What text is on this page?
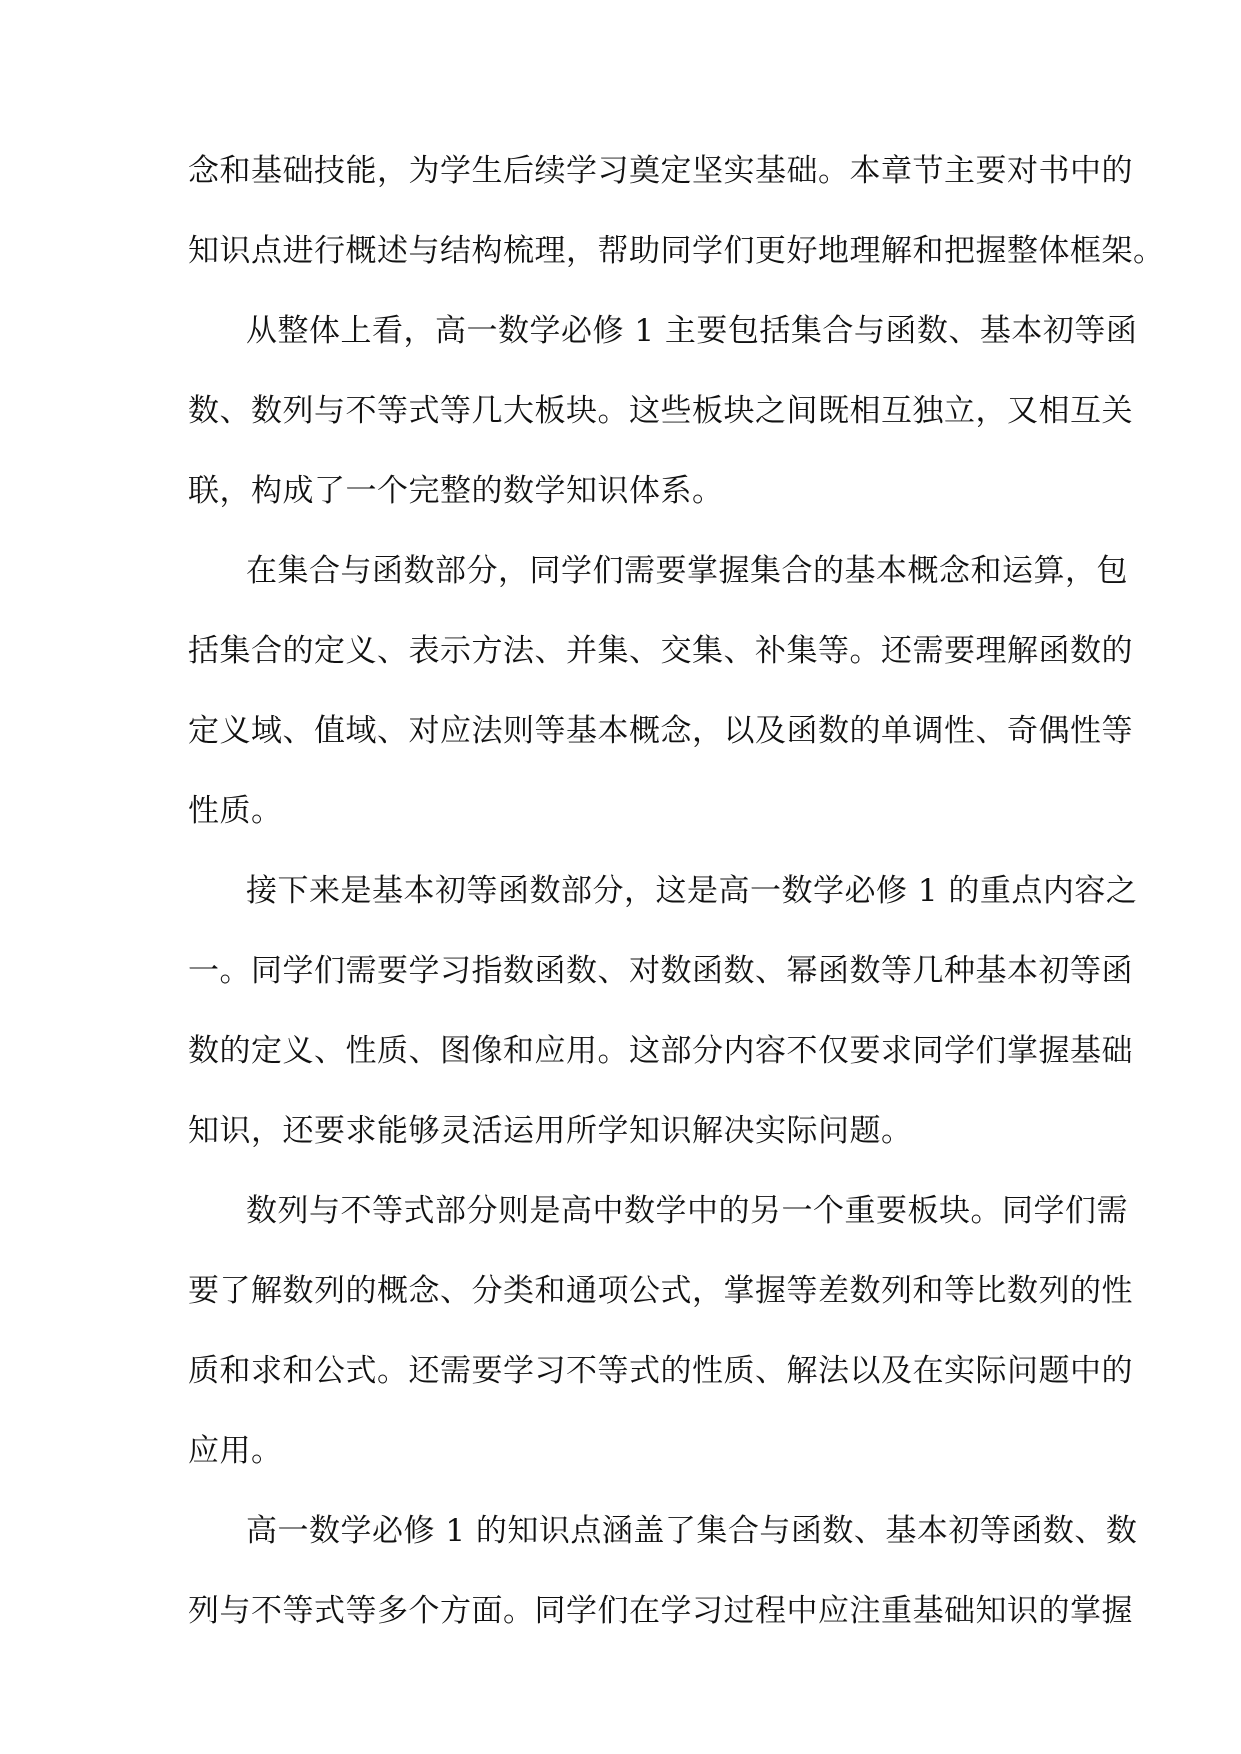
念和基础技能，为学生后续学习奠定坚实基础。本章节主要对书中的
知识点进行概述与结构梳理，帮助同学们更好地理解和把握整体框架。
从整体上看，高一数学必修 1 主要包括集合与函数、基本初等函
数、数列与不等式等几大板块。这些板块之间既相互独立，又相互关
联，构成了一个完整的数学知识体系。
在集合与函数部分，同学们需要掌握集合的基本概念和运算，包
括集合的定义、表示方法、并集、交集、补集等。还需要理解函数的
定义域、值域、对应法则等基本概念，以及函数的单调性、奇偶性等
性质。
接下来是基本初等函数部分，这是高一数学必修 1 的重点内容之
一。同学们需要学习指数函数、对数函数、幂函数等几种基本初等函
数的定义、性质、图像和应用。这部分内容不仅要求同学们掌握基础
知识，还要求能够灵活运用所学知识解决实际问题。
数列与不等式部分则是高中数学中的另一个重要板块。同学们需
要了解数列的概念、分类和通项公式，掌握等差数列和等比数列的性
质和求和公式。还需要学习不等式的性质、解法以及在实际问题中的
应用。
高一数学必修 1 的知识点涵盖了集合与函数、基本初等函数、数
列与不等式等多个方面。同学们在学习过程中应注重基础知识的掌握
